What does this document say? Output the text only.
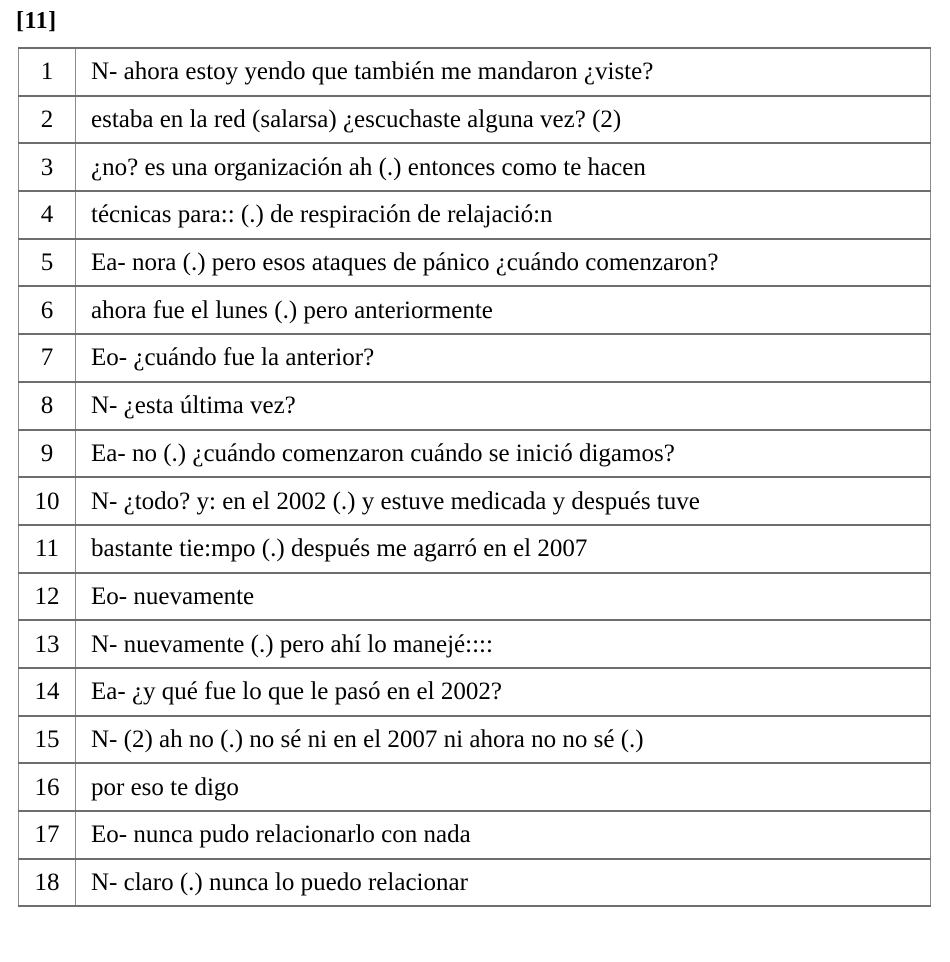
[11]
1	N- ahora estoy yendo que también me mandaron ¿viste?
2	estaba en la red (salarsa) ¿escuchaste alguna vez? (2)
3	¿no? es una organización ah (.) entonces como te hacen
4	técnicas para:: (.) de respiración de relajació:n
5	Ea- nora (.) pero esos ataques de pánico ¿cuándo comenzaron?
6	ahora fue el lunes (.) pero anteriormente
7	Eo- ¿cuándo fue la anterior?
8	N- ¿esta última vez?
9	Ea- no (.) ¿cuándo comenzaron cuándo se inició digamos?
10	N- ¿todo? y: en el 2002 (.) y estuve medicada y después tuve
11	bastante tie:mpo (.) después me agarró en el 2007
12	Eo- nuevamente
13	N- nuevamente (.) pero ahí lo manejé::::
14	Ea- ¿y qué fue lo que le pasó en el 2002?
15	N- (2) ah no (.) no sé ni en el 2007 ni ahora no no sé (.)
16	por eso te digo
17	Eo- nunca pudo relacionarlo con nada
18	N- claro (.) nunca lo puedo relacionar
